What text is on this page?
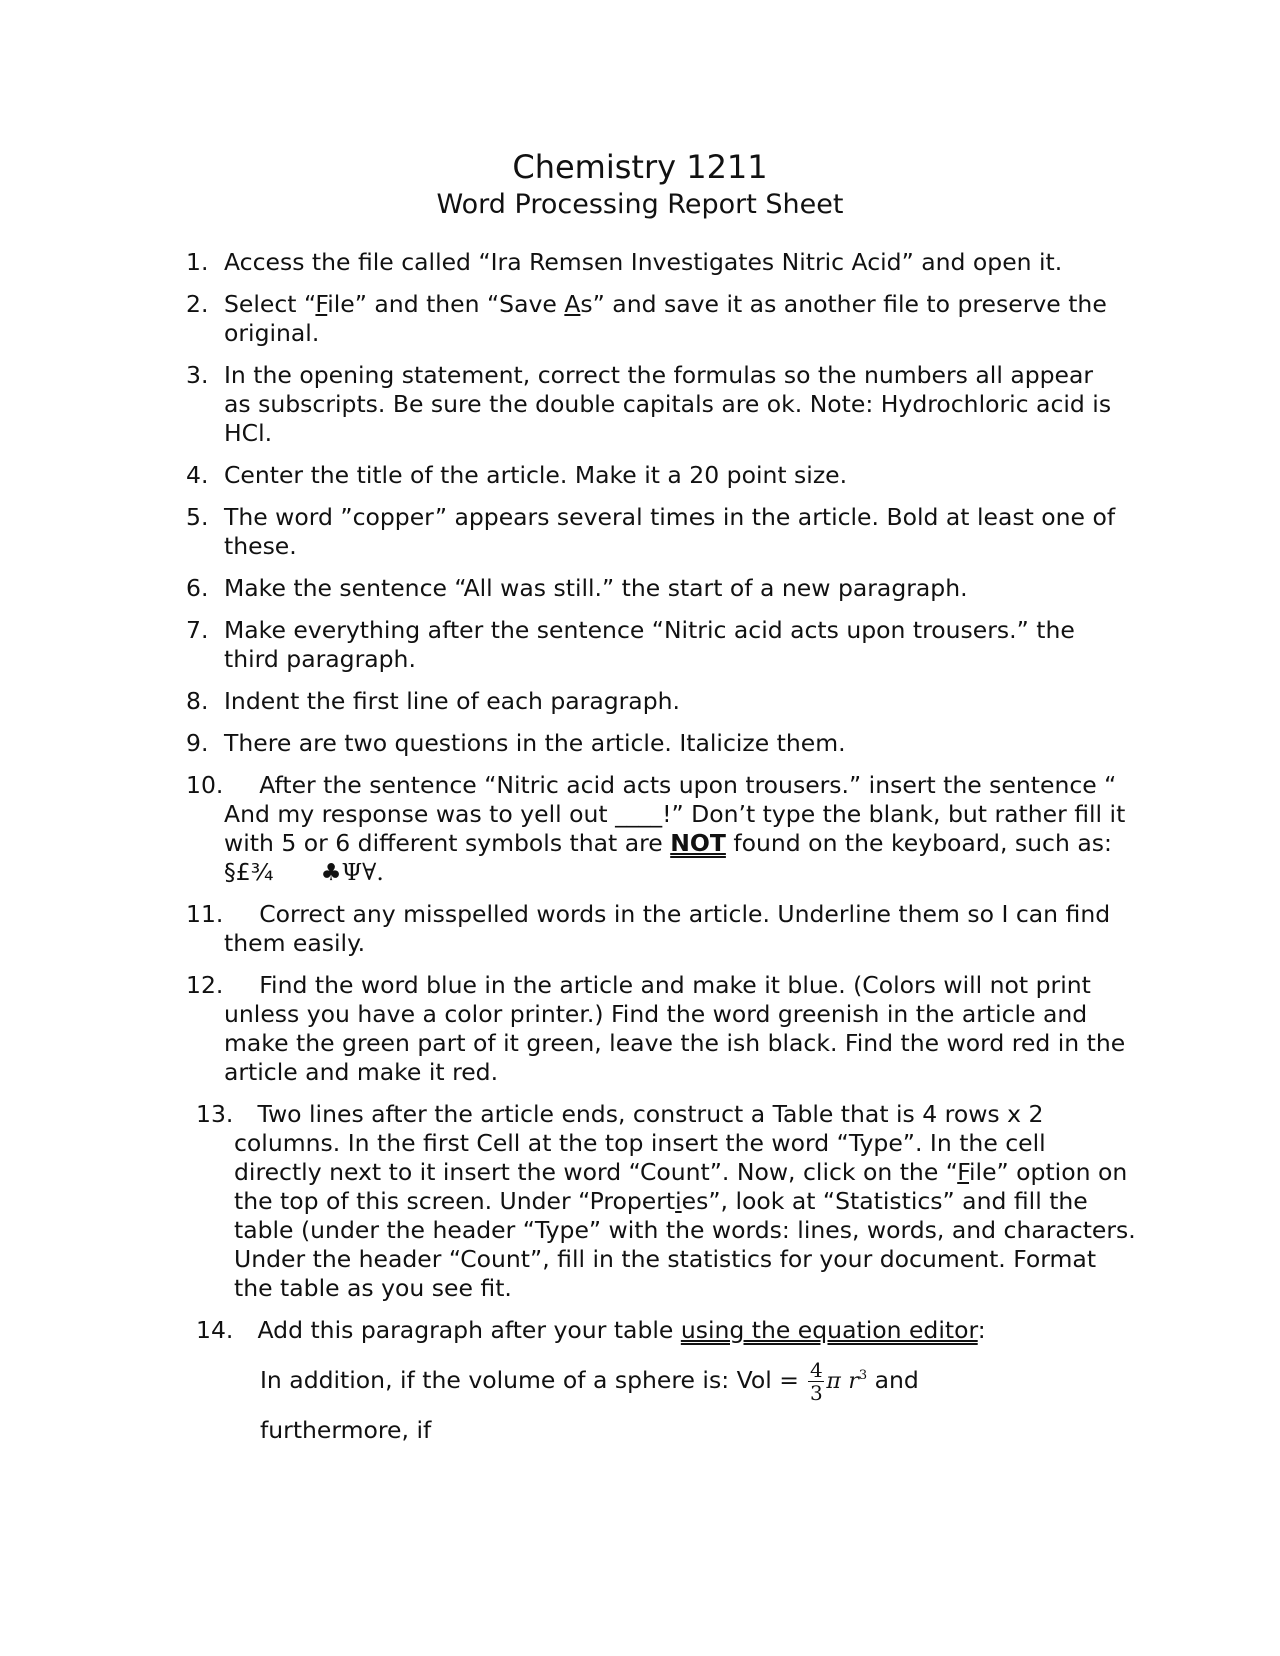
Chemistry 1211
Word Processing Report Sheet
1. Access the file called “Ira Remsen Investigates Nitric Acid” and open it.
2. Select “File” and then “Save As” and save it as another file to preserve the original.
3. In the opening statement, correct the formulas so the numbers all appear as subscripts. Be sure the double capitals are ok. Note: Hydrochloric acid is HCl.
4. Center the title of the article. Make it a 20 point size.
5. The word ”copper” appears several times in the article. Bold at least one of these.
6. Make the sentence “All was still.” the start of a new paragraph.
7. Make everything after the sentence “Nitric acid acts upon trousers.” the third paragraph.
8. Indent the first line of each paragraph.
9. There are two questions in the article. Italicize them.
10.
   After the sentence “Nitric acid acts upon trousers.” insert the sentence “ And my response was to yell out ____!” Don’t type the blank, but rather fill it with 5 or 6 different symbols that are NOT found on the keyboard, such as: §£¾    ♣Ψ∀.
11.
   Correct any misspelled words in the article. Underline them so I can find them easily.
12.
   Find the word blue in the article and make it blue. (Colors will not print unless you have a color printer.) Find the word greenish in the article and make the green part of it green, leave the ish black. Find the word red in the article and make it red.
13.
  Two lines after the article ends, construct a Table that is 4 rows x 2 columns. In the first Cell at the top insert the word “Type”. In the cell directly next to it insert the word “Count”. Now, click on the “File” option on the top of this screen. Under “Properties”, look at “Statistics” and fill the table (under the header “Type” with the words: lines, words, and characters. Under the header “Count”, fill in the statistics for your document. Format the table as you see fit.
14.
  Add this paragraph after your table using the equation editor:
In addition, if the volume of a sphere is: Vol = $\frac{4}{3}$ π $r^3$ and
furthermore, if
